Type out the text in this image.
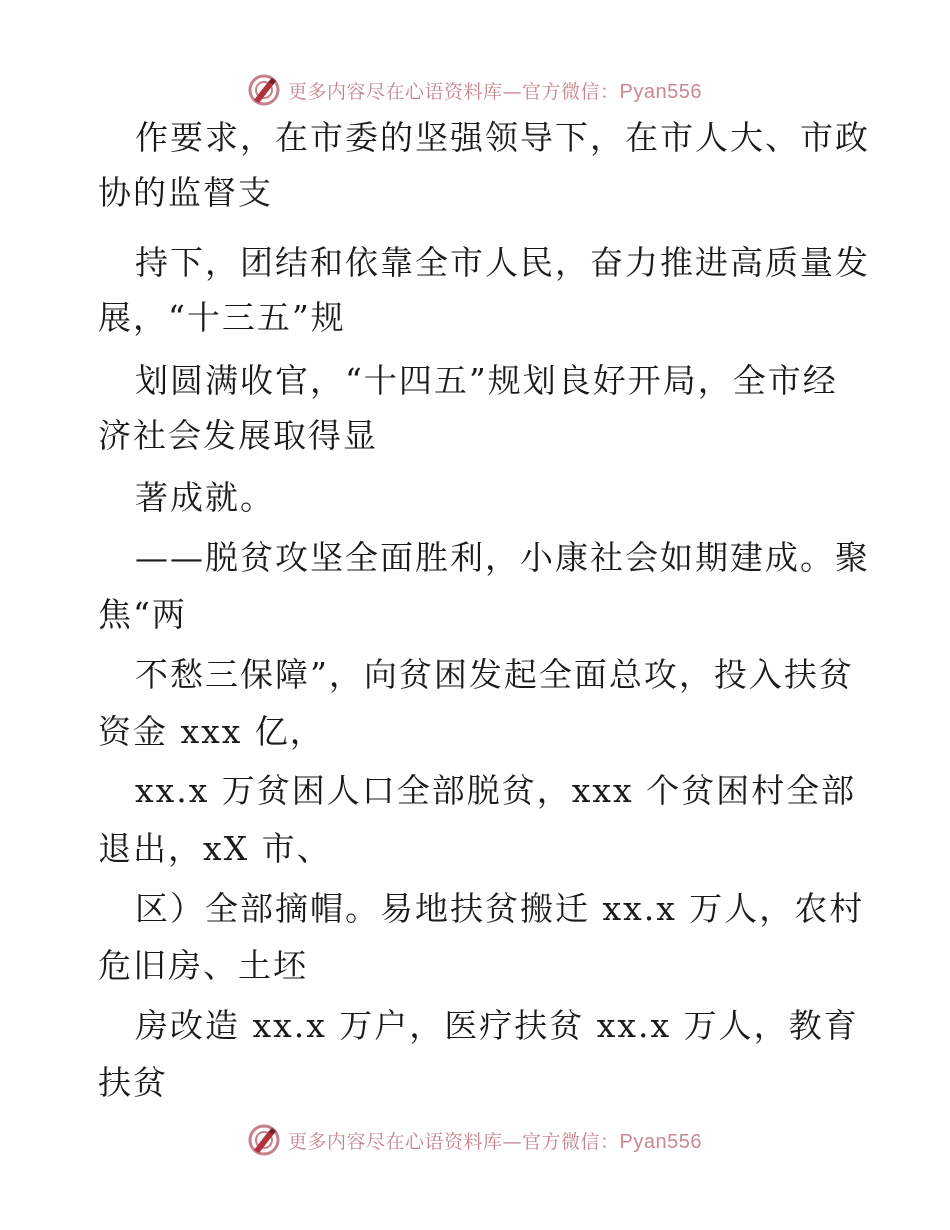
更多内容尽在心语资料库—官方微信：Pyan556
作要求，在市委的坚强领导下，在市人大、市政
协的监督支
持下，团结和依靠全市人民，奋力推进高质量发
展，“十三五”规
划圆满收官，“十四五”规划良好开局，全市经
济社会发展取得显
著成就。
——脱贫攻坚全面胜利，小康社会如期建成。聚
焦“两
不愁三保障”，向贫困发起全面总攻，投入扶贫
资金 xxx 亿，
xx.x 万贫困人口全部脱贫，xxx 个贫困村全部
退出，xX 市、
区）全部摘帽。易地扶贫搬迁 xx.x 万人，农村
危旧房、土坯
房改造 xx.x 万户，医疗扶贫 xx.x 万人，教育
扶贫
更多内容尽在心语资料库—官方微信：Pyan556
